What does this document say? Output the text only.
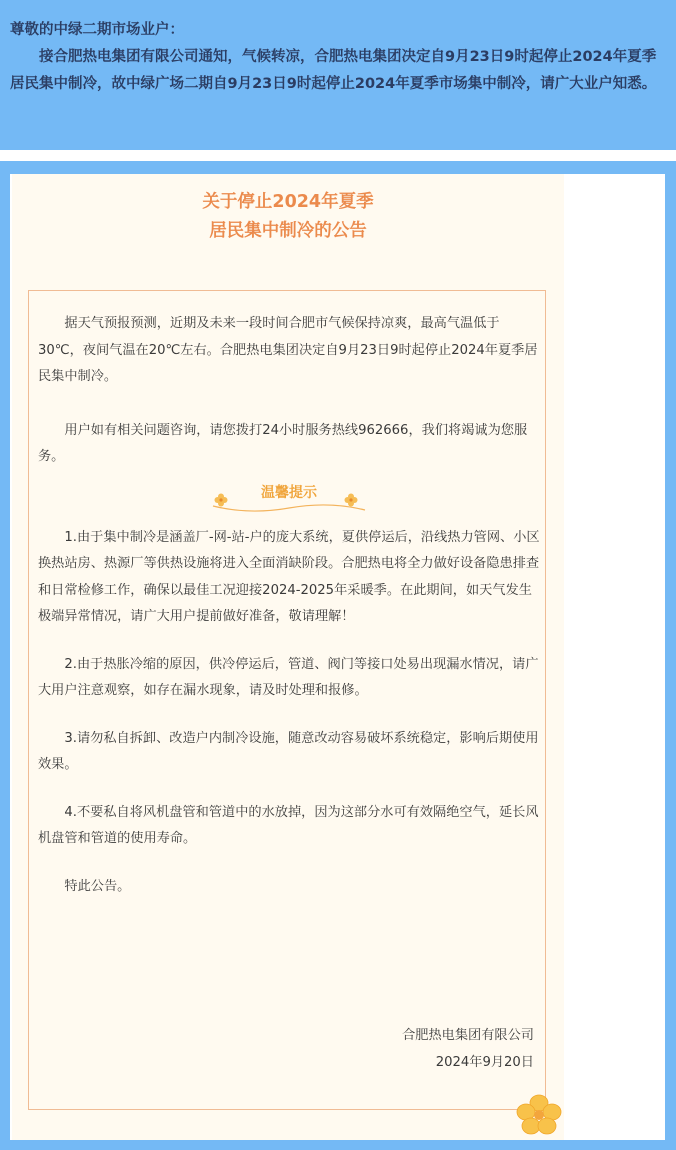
尊敬的中绿二期市场业户：

接合肥热电集团有限公司通知，气候转凉，合肥热电集团决定自9月23日9时起停止2024年夏季居民集中制冷，故中绿广场二期自9月23日9时起停止2024年夏季市场集中制冷，请广大业户知悉。

关于停止2024年夏季
居民集中制冷的公告

据天气预报预测，近期及未来一段时间合肥市气候保持凉爽，最高气温低于30℃，夜间气温在20℃左右。合肥热电集团决定自9月23日9时起停止2024年夏季居民集中制冷。

用户如有相关问题咨询，请您拨打24小时服务热线962666，我们将竭诚为您服务。

温馨提示

1.由于集中制冷是涵盖厂-网-站-户的庞大系统，夏供停运后，沿线热力管网、小区换热站房、热源厂等供热设施将进入全面消缺阶段。合肥热电将全力做好设备隐患排查和日常检修工作，确保以最佳工况迎接2024-2025年采暖季。在此期间，如天气发生极端异常情况，请广大用户提前做好准备，敬请理解！

2.由于热胀冷缩的原因，供冷停运后，管道、阀门等接口处易出现漏水情况，请广大用户注意观察，如存在漏水现象，请及时处理和报修。

3.请勿私自拆卸、改造户内制冷设施，随意改动容易破坏系统稳定，影响后期使用效果。

4.不要私自将风机盘管和管道中的水放掉，因为这部分水可有效隔绝空气，延长风机盘管和管道的使用寿命。

特此公告。

合肥热电集团有限公司
2024年9月20日
